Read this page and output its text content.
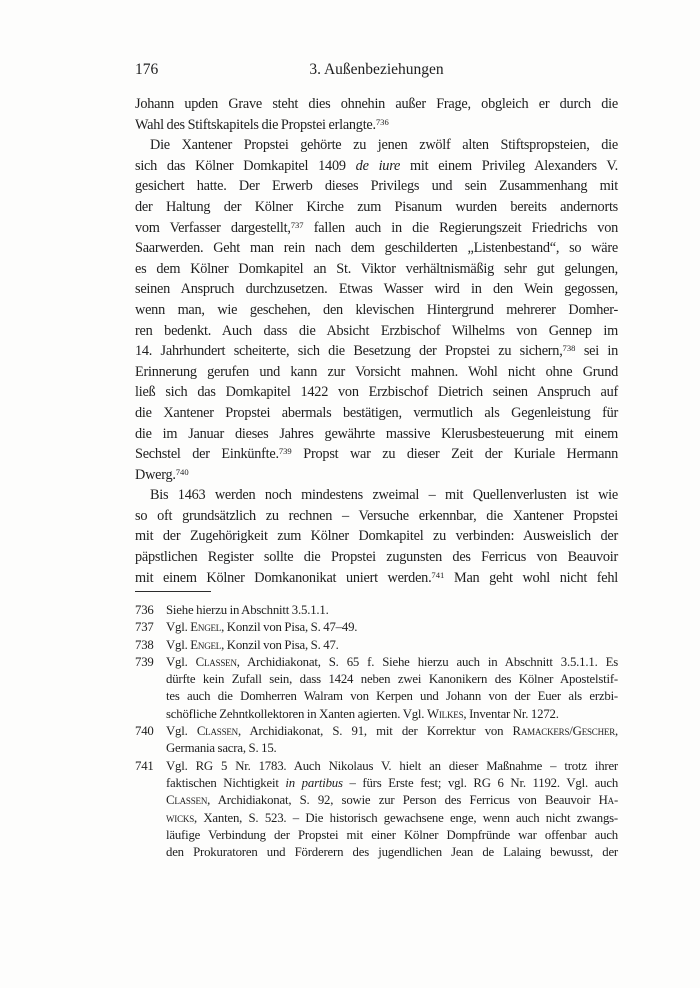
176	3. Außenbeziehungen
Johann upden Grave steht dies ohnehin außer Frage, obgleich er durch die
Wahl des Stiftskapitels die Propstei erlangte.$^{736}$
Die Xantener Propstei gehörte zu jenen zwölf alten Stiftspropsteien, die
sich das Kölner Domkapitel 1409 de iure mit einem Privileg Alexanders V.
gesichert hatte. Der Erwerb dieses Privilegs und sein Zusammenhang mit
der Haltung der Kölner Kirche zum Pisanum wurden bereits andernorts
vom Verfasser dargestellt,$^{737}$ fallen auch in die Regierungszeit Friedrichs von
Saarwerden. Geht man rein nach dem geschilderten „Listenbestand“, so wäre
es dem Kölner Domkapitel an St. Viktor verhältnismäßig sehr gut gelungen,
seinen Anspruch durchzusetzen. Etwas Wasser wird in den Wein gegossen,
wenn man, wie geschehen, den klevischen Hintergrund mehrerer Domher-
ren bedenkt. Auch dass die Absicht Erzbischof Wilhelms von Gennep im
14. Jahrhundert scheiterte, sich die Besetzung der Propstei zu sichern,$^{738}$ sei in
Erinnerung gerufen und kann zur Vorsicht mahnen. Wohl nicht ohne Grund
ließ sich das Domkapitel 1422 von Erzbischof Dietrich seinen Anspruch auf
die Xantener Propstei abermals bestätigen, vermutlich als Gegenleistung für
die im Januar dieses Jahres gewährte massive Klerusbesteuerung mit einem
Sechstel der Einkünfte.$^{739}$ Propst war zu dieser Zeit der Kuriale Hermann
Dwerg.$^{740}$
Bis 1463 werden noch mindestens zweimal – mit Quellenverlusten ist wie
so oft grundsätzlich zu rechnen – Versuche erkennbar, die Xantener Propstei
mit der Zugehörigkeit zum Kölner Domkapitel zu verbinden: Ausweislich der
päpstlichen Register sollte die Propstei zugunsten des Ferricus von Beauvoir
mit einem Kölner Domkanonikat uniert werden.$^{741}$ Man geht wohl nicht fehl
736 Siehe hierzu in Abschnitt 3.5.1.1.
737 Vgl. Engel, Konzil von Pisa, S. 47–49.
738 Vgl. Engel, Konzil von Pisa, S. 47.
739 Vgl. Classen, Archidiakonat, S. 65 f. Siehe hierzu auch in Abschnitt 3.5.1.1. Es
dürfte kein Zufall sein, dass 1424 neben zwei Kanonikern des Kölner Apostelstif-
tes auch die Domherren Walram von Kerpen und Johann von der Euer als erzbi-
schöfliche Zehntkollektoren in Xanten agierten. Vgl. Wilkes, Inventar Nr. 1272.
740 Vgl. Classen, Archidiakonat, S. 91, mit der Korrektur von Ramackers/Gescher,
Germania sacra, S. 15.
741 Vgl. RG 5 Nr. 1783. Auch Nikolaus V. hielt an dieser Maßnahme – trotz ihrer
faktischen Nichtigkeit in partibus – fürs Erste fest; vgl. RG 6 Nr. 1192. Vgl. auch
Classen, Archidiakonat, S. 92, sowie zur Person des Ferricus von Beauvoir Ha-
wicks, Xanten, S. 523. – Die historisch gewachsene enge, wenn auch nicht zwangs-
läufige Verbindung der Propstei mit einer Kölner Dompfründe war offenbar auch
den Prokuratoren und Förderern des jugendlichen Jean de Lalaing bewusst, der
